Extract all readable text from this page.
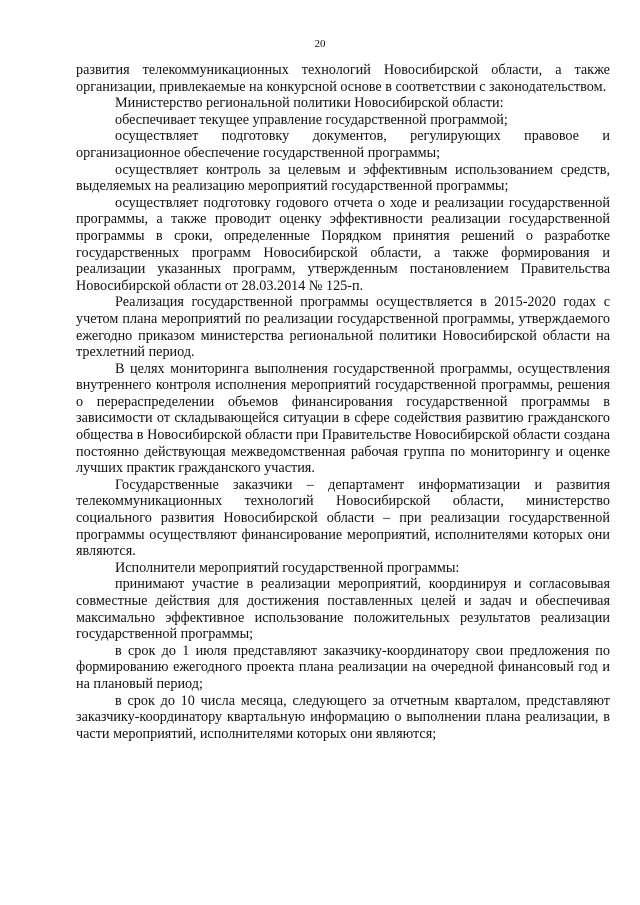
20

развития телекоммуникационных технологий Новосибирской области, а также организации, привлекаемые на конкурсной основе в соответствии с законодательством.

Министерство региональной политики Новосибирской области:

обеспечивает текущее управление государственной программой;

осуществляет подготовку документов, регулирующих правовое и организационное обеспечение государственной программы;

осуществляет контроль за целевым и эффективным использованием средств, выделяемых на реализацию мероприятий государственной программы;

осуществляет подготовку годового отчета о ходе и реализации государственной программы, а также проводит оценку эффективности реализации государственной программы в сроки, определенные Порядком принятия решений о разработке государственных программ Новосибирской области, а также формирования и реализации указанных программ, утвержденным постановлением Правительства Новосибирской области от 28.03.2014 № 125-п.

Реализация государственной программы осуществляется в 2015-2020 годах с учетом плана мероприятий по реализации государственной программы, утверждаемого ежегодно приказом министерства региональной политики Новосибирской области на трехлетний период.

В целях мониторинга выполнения государственной программы, осуществления внутреннего контроля исполнения мероприятий государственной программы, решения о перераспределении объемов финансирования государственной программы в зависимости от складывающейся ситуации в сфере содействия развитию гражданского общества в Новосибирской области при Правительстве Новосибирской области создана постоянно действующая межведомственная рабочая группа по мониторингу и оценке лучших практик гражданского участия.

Государственные заказчики – департамент информатизации и развития телекоммуникационных технологий Новосибирской области, министерство социального развития Новосибирской области – при реализации государственной программы осуществляют финансирование мероприятий, исполнителями которых они являются.

Исполнители мероприятий государственной программы:

принимают участие в реализации мероприятий, координируя и согласовывая совместные действия для достижения поставленных целей и задач и обеспечивая максимально эффективное использование положительных результатов реализации государственной программы;

в срок до 1 июля представляют заказчику-координатору свои предложения по формированию ежегодного проекта плана реализации на очередной финансовый год и на плановый период;

в срок до 10 числа месяца, следующего за отчетным кварталом, представляют заказчику-координатору квартальную информацию о выполнении плана реализации, в части мероприятий, исполнителями которых они являются;
